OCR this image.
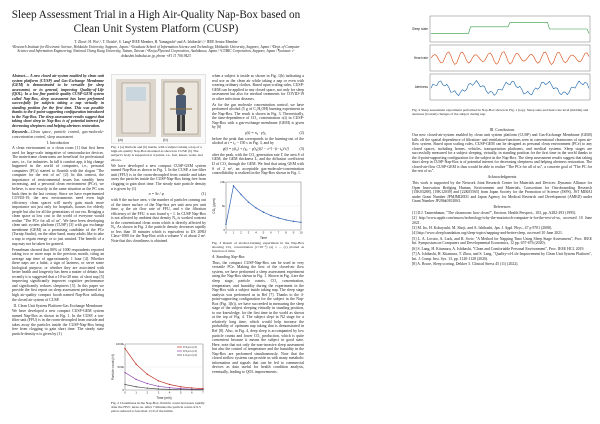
Sleep Assessment Trial in a High Air-Quality Nap-Box based on Clean Unit System Platform (CUSP)
T. Zhou¹, H. Wu¹,², T. Doishi³, S. Lang⁴ IEEE Member, H. Yamaguchi⁵ and A. Ishibashi¹,²,⁶ IEEE Senior Member
¹Research Institute for Electronic Science, Hokkaido University, Sapporo, Japan / ²Graduate School of Information Science and Technology, Hokkaido University, Sapporo, Japan / ³Dept. of Computer Science and Information Engineering, National Cheng Kung University, Tainan, Taiwan / ⁴Ezoju Plywood Corporation, Asahikawa, Japan / ⁵CUBIC Corporation, Sapporo, Japan / ¶contact: i-dokushin.hokudai.ac.jp, phone +81 11 706 9423

Abstract— A new closed air-system enabled by clean unit system platform (CUSP) and Gas-Exchange Membrane (GEM) is demonstrated to be versatile for sleep assessment, or in general, improving Quality-of-Life (QOL). In a low fine particle quality CUSP-GEM system called Nap-Box, sleep assessment has been performed successfully for subjects taking a nap virtually in standing position for the first time. This was possible thanks to the 4-point-supporting configuration introduced to the Nap-Box. The sleep assessment results suggest that taking short sleep in Nap-Box is of potential interest for decreasing sleepiness and helping alertness restoration.

Keywords—Clean space, particle control, gas-molecule-concentration control, sleep assessment

I. Introduction

A clean environment or a clean room [1] that first been used for large-scale integrative of semiconductor devices. The main-frame cleanrooms are beneficial for professional uses, i.e., for industries. In fall it comfort app, it big change happened in the world of computers, i.e., personal computers (PCs) started to flourish with the slogan "The computer for the rest of us" [2]. In this context, the importance of environmental issues has steadily been increasing, and a personal clean environment (PCe), we believe, is now exactly in the same situation as the PC was back then in the last century. Since we have experimented COVID-19, the new environments need even high efficiency clean spaces will surely gain much more importance not just only for hospitals, houses for elderly people but also for all the generations of our era. Bringing a clean space at low cost to the world of everyone would realize "The PCe for all of us". We have been developing clean unit system platform (CUSP) [3] with gas exchange membrane (GEM) as a promising candidate of the PCe (Turnip Studio), on the other hand, many adults like to take a nap to regain energy or to just unwind. The benefit of a nap may not be taken for granted.

Fennelman showed that 80% of 1000 respondents reported taking two or more naps in the previous month, citing an average nap time of approximately 1 hour [4]. Whether these naps are a habit, a sign of laziness, or serve some biological purpose, or whether they are associated with better health and longevity has been a matter of debate, but recently it is suggested that a 10-to-20 min. of short nap [5] improving significantly improves cognitive performance and significantly reduces sleepiness [5]. In this paper we provide the first report on sleep assessment performed in a high air-quality compact booth named Nap-Box utilizing the closed air system of CUSP.

II. Clean Unit System Platform-Gas Exchange Membrane

We have developed a new compact CUSP-GEM system named Nap-Box as shown in Fig. 1. In the CUSP, a ion-filter unit (FFU) is in the room-decoupled from outside and takes away the particles inside the CUSP-Nap-Box being free from clogging to gain short time. The steady state particle density n is given by (1)

(a)	(b)
Fig. 1 (a) Outlook and (b) inside, with a subject taking a nap of a high-air-quality Nap-Box mounted as shown in CUSP. (b) The subject's body is supported at 4 points, i.e., feet, knees, waist, and elbows.

We have developed a new compact CUSP-GEM system named Nap-Box as shown in Fig. 1. In the CUSP, a ion-filter unit (FFU) is in the room-decoupled from outside and takes away the particles inside the CUSP-Nap-Box being free from clogging to gain short time. The steady state particle density n is given by (1)

n = Sv / φ	(1)

with S the surface area, v the number of particles coming out of the inner surface of the Nap-box per unit area per unit time, φ the air flow rate of FFU, and v the filtration efficiency of the FFU. n was found η ~ 1. In CUSP Nap-Box is not affected by ambient dust density N₀ is worked contrast to the conventional clean room which is directly affected by N₀. As shown in Fig. 2 the particle density decreases rapidly to less than 10 minutes which is equivalent to US 209D Class~1000 for the Nap-Box with a volume V of about 2 m³. Note that this cleanliness is obtained

0
500k
1000k
0	1	2	3	4	5	6	7
Time (min)
Particle count (/cf)
0.3 μm (cf.)
0.5 μm (cf.)
1.0 μm (cf.)
Fig. 2 Cleanliness in the Nap-Box. Particle count decreases rapidly after the HVC turns on. After 7 minutes the particle count of 0.5 μm is reduced to less than 1/10 of the initial.

when a subject is inside as shown in Fig. 1(b) indicating a real use as the clean air while taking a nap or even with wearing ordinary clothes. Based upon scaling rules, CUSP-GEM can be applied to any closed space, not only for sleep assessment but also for medical treatments for COVID-19 or other infectious diseases.

As for the gas molecule concentration control, we have performed alcohol (5 g of C₂H₅OH) burning experiment in the Nap-Box. The result is shown in Fig. 3. Theoretically, the time-dependence of CO₂ concentration c(t) in CUSP-Nap-Box with a gas-exchange membrane (GEM) is given by [6]

γ(t) = n₀ · γ/γ₁	(2)

before the peak that corresponds to the burning-out of the alcohol at t = t₀ ~ 150 s in Fig. 3, and by

γ(t) = γ(t₀) + (γ₀ − γ(t₀))(1 − e^{−(t−t₀)/τ})	(3)

after the peak, with the CO₂ generation rate Γ, the area S of GEM, the GEM thickness L, and the diffusion coefficient D of CO₂ through the GEM. We find that using GEM with S of 2 m², an acceptable gas-molecule-concentration controllability is realized in the Nap-Box shown in Fig. 1.

0
5k
10k
0 1 2 3 4 5 6 7 8 9 10
Time
CO₂ (ppm)
Fig. 3 Result of alcohol-burning experiment in the Nap-Box showing CO₂ concentration (v×10⁻⁶) (a) = ... (c) plotted as function of time.
A. Standing Nap-Box

Thus, the compact CUSP-Nap-Box can be used in very versatile PCe. Making the best of the closed-air flow system, we have performed a sleep assessment experiment using the Nap-Box shown in Fig. 1. Shown in Fig. 4 are the sleep stage, particle counts, CO₂ concentration, temperature, and humidity during the experiment in the Nap-Box with a subject inside taking nap. The sleep stage analysis was performed as in Ref [7]. Thanks to the 4-point-supporting configuration for the subject in the Nap-Box (Fig. 1(b)), we have succeeded in measuring the sleep stage of the subject sleeping virtually in standing position, to our knowledge, for the first time in the world as shown at the top of Fig. 4. The subject slept in N2 stage for a relatively long time, which would help increase the probability of optimum nap taking that is demonstrated in Ref [8]. Also, in Fig. 4, deep sleep is accompanied by low particle counts and lower CO₂ production, which is quite convenient because it means the subject in good state. Here, note that not only the non-invasive sleep assessment but also the control of temperature and the humidity in the Nap-Box are performed simultaneously. Note that the closed airflow systems can provide us with many metabolic information and signals that can be fed to commercial devices as data useful for health condition analysis, eventually, leading to QOL improvements.

Sleep state
Heart rate
Alertness
Fig. 4 Sleep assessment experiment performed in Nap-Box shown in Fig. 1 (top). Sleep state and heart rate level (middle) and alertness (bottom) changes of the subject during nap.
III. Conclusions

Our new closed-air-system enabled by clean unit system platform (CUSP) and Gas-Exchange Membrane (GEM) kills off the spatial dependence of filtration- and ventilation-functions seen in conventional cleanrooms of open air-flow system. Based upon scaling rules, CUSP-GEM can be designed as personal clean environment (PCe) to any closed spaces, including homes, vehicles, transportation platforms, and medical systems. Sleep stages are successfully measured for a subject sleeping, virtually, in standing position for the first time in the world thanks to the 4-point-supporting configuration for the subject in the Nap-Box. The sleep assessment results suggest that taking short sleep in CUSP-Nap-Box is of potential interest for decreasing sleepiness and helping alertness restoration. The closed-air-flow CUSP-GEM is thus would be able to realize "The PCe for all of us", a concrete goal of "The PC for the rest of us".

Acknowledgments

This work is supported by the Network Joint Research Center for Materials and Devices: Dynamic Alliance for Open Innovation Bridging Human, Environment and Materials, Consortium for Ostrobounding Research [15K03288], [19K12039] and [22K05565] from Japan Society for the Promotion of Science (JSPS), JST MIRAI under Grant Number JPMJMI20D1 and Japan Agency for Medical Research and Development (AMED) under Grant Number JP20hk0102063.

References
[1] D.J. Tannenbaum, "The cleanroom: how clean?", Environ. Health Perspect., 103, pp. A282-293 (1995).
[2] http://www.apple.com/macos/technology/why-the-macintosh-computer-is-for-the-rest-of-us, accessed 10 June 2021.
[3] M. Ito, H. Kobayashi, M. Shoji, and A. Ishibashi, Jpn. J. Appl. Phys., 47 p 9701 (2008).
[4] http://www.sleepfoundation.org/sleep-topics/napping-and-better-sleep, accessed 10 June 2021.
[5] L. A. Lovato, A. Lack, and R. Scriv, "A Method for Napping Time Using Sleep Stage Assessment", Proc. IEEE Int. Symposium on Computers and Developmental Economics, 12 pp. 657-676 (2020).
[6] S. Lang, H. Kitamura, A. Ishibashi, "Clean and Comfortable Personal Environment", Proc. IEEE HCI, 2019.
[7] A. Ishibashi, H. Kitamura, T. Zhou, and S. Lang, "Quality-of-Life Improvement by Clean Unit System Platform", Int. J. Comp. Inst. Sys. 13, pp. 1120-1128 (2020).
[8] A. Bruce, Sleep scoring, Dekker 3. Clinical Stress 45 (11) (2022).
